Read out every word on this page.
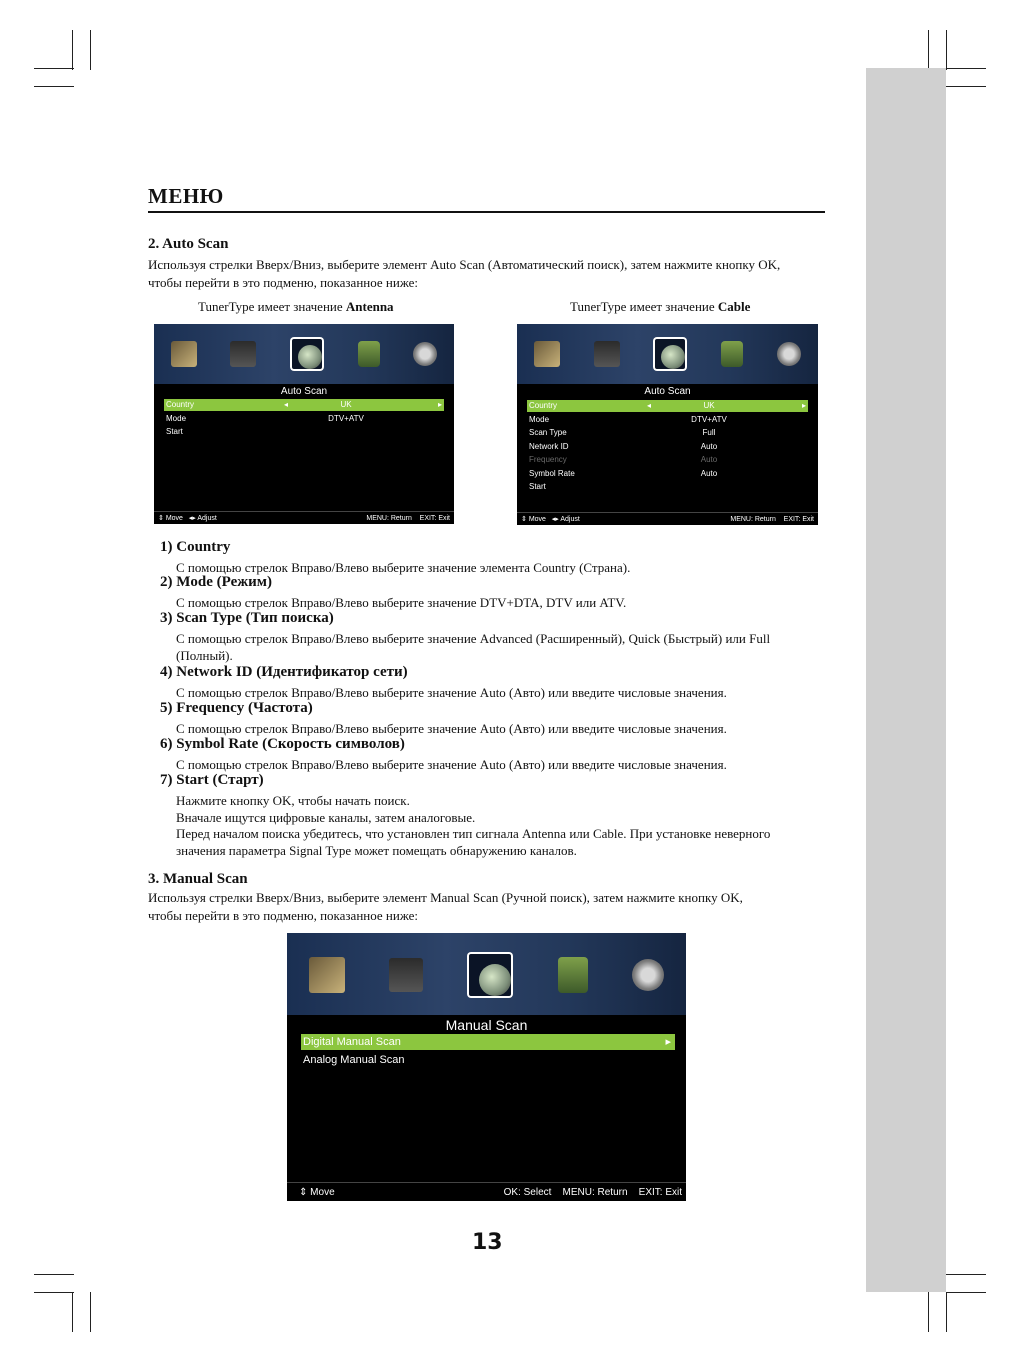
МЕНЮ
2. Auto Scan
Используя стрелки Вверх/Вниз, выберите элемент Auto Scan (Автоматический поиск), затем нажмите кнопку OK,
чтобы перейти в это подменю, показанное ниже:
TunerType имеет значение Antenna	TunerType имеет значение Cable
Auto Scan
Country	◂	UK	▸
Mode	DTV+ATV
Start
⇕ Move   ◂▸ Adjust	MENU: Return    EXIT: Exit
Auto Scan
Country	◂	UK	▸
Mode	DTV+ATV
Scan Type	Full
Network ID	Auto
Frequency	Auto
Symbol Rate	Auto
Start
⇕ Move   ◂▸ Adjust	MENU: Return    EXIT: Exit
1) Country
С помощью стрелок Вправо/Влево выберите значение элемента Country (Страна).
2) Mode (Режим)
С помощью стрелок Вправо/Влево выберите значение DTV+DTA, DTV или ATV.
3) Scan Type (Тип поиска)
С помощью стрелок Вправо/Влево выберите значение Advanced (Расширенный), Quick (Быстрый) или Full
(Полный).
4) Network ID (Идентификатор сети)
С помощью стрелок Вправо/Влево выберите значение Auto (Авто) или введите числовые значения.
5) Frequency (Частота)
С помощью стрелок Вправо/Влево выберите значение Auto (Авто) или введите числовые значения.
6) Symbol Rate (Скорость символов)
С помощью стрелок Вправо/Влево выберите значение Auto (Авто) или введите числовые значения.
7) Start (Старт)
Нажмите кнопку OK, чтобы начать поиск.
Вначале ищутся цифровые каналы, затем аналоговые.
Перед началом поиска убедитесь, что установлен тип сигнала Antenna или Cable. При установке неверного
значения параметра Signal Type может помещать обнаружению каналов.
3. Manual Scan
Используя стрелки Вверх/Вниз, выберите элемент Manual Scan (Ручной поиск), затем нажмите кнопку OK,
чтобы перейти в это подменю, показанное ниже:
Manual Scan
Digital Manual Scan	▸
Analog Manual Scan
⇕ Move	OK: Select    MENU: Return    EXIT: Exit
13
